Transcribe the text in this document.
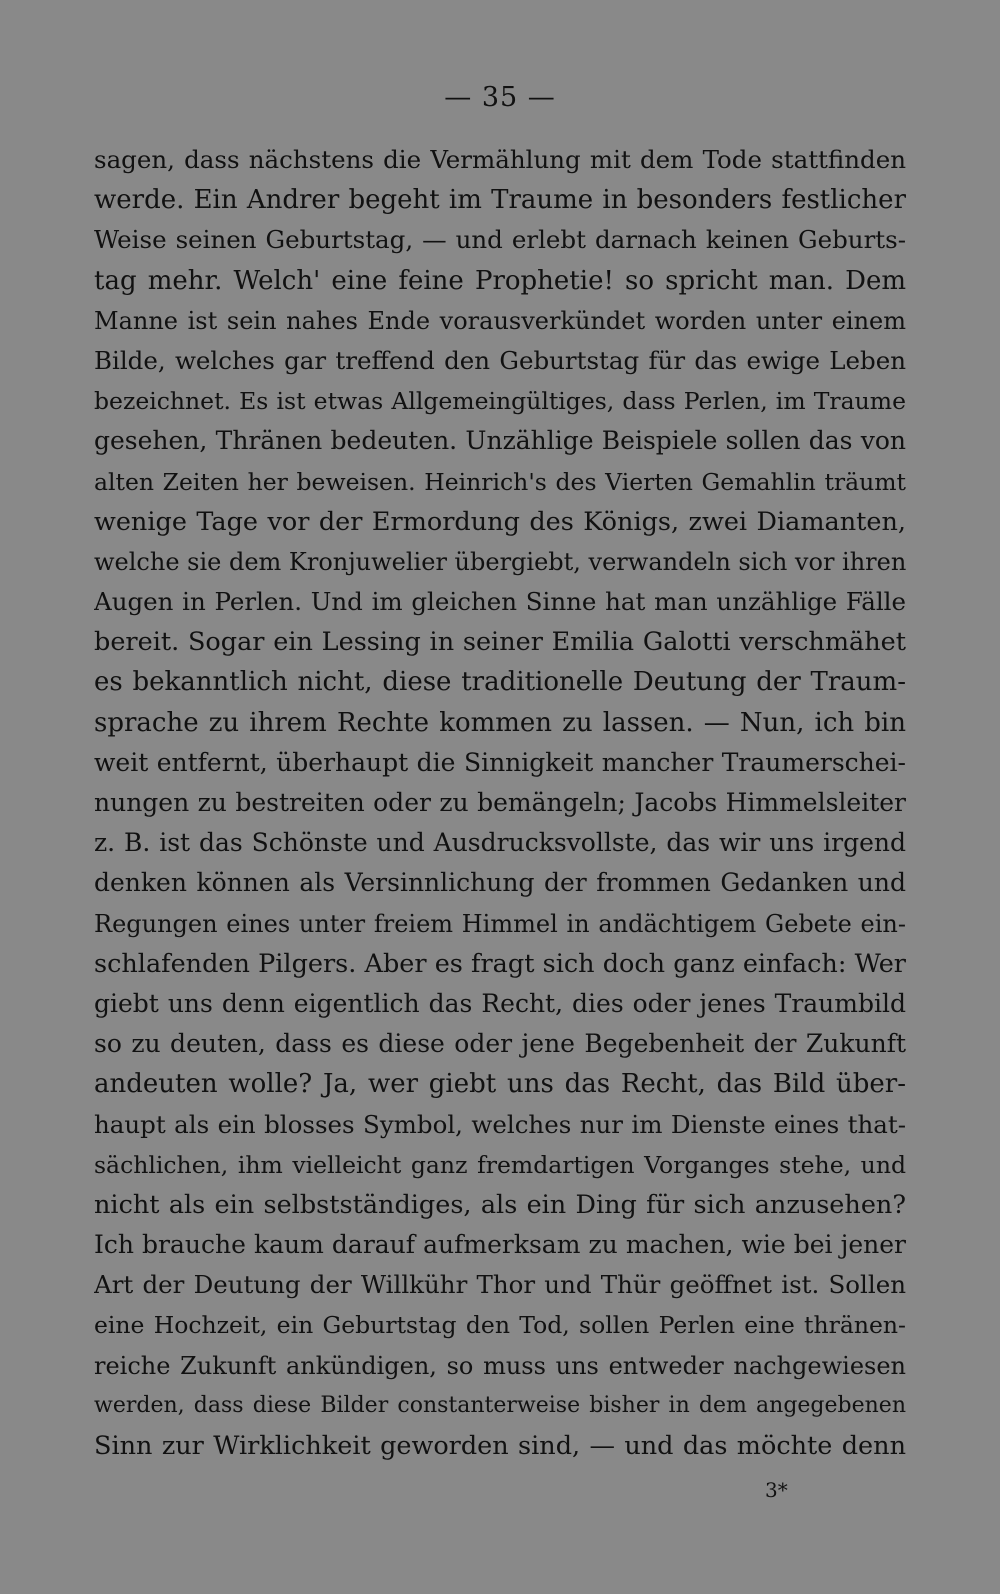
— 35 —
sagen, dass nächstens die Vermählung mit dem Tode stattfinden
werde. Ein Andrer begeht im Traume in besonders festlicher
Weise seinen Geburtstag, — und erlebt darnach keinen Geburts-
tag mehr. Welch' eine feine Prophetie! so spricht man. Dem
Manne ist sein nahes Ende vorausverkündet worden unter einem
Bilde, welches gar treffend den Geburtstag für das ewige Leben
bezeichnet. Es ist etwas Allgemeingültiges, dass Perlen, im Traume
gesehen, Thränen bedeuten. Unzählige Beispiele sollen das von
alten Zeiten her beweisen. Heinrich's des Vierten Gemahlin träumt
wenige Tage vor der Ermordung des Königs, zwei Diamanten,
welche sie dem Kronjuwelier übergiebt, verwandeln sich vor ihren
Augen in Perlen. Und im gleichen Sinne hat man unzählige Fälle
bereit. Sogar ein Lessing in seiner Emilia Galotti verschmähet
es bekanntlich nicht, diese traditionelle Deutung der Traum-
sprache zu ihrem Rechte kommen zu lassen. — Nun, ich bin
weit entfernt, überhaupt die Sinnigkeit mancher Traumerschei-
nungen zu bestreiten oder zu bemängeln; Jacobs Himmelsleiter
z. B. ist das Schönste und Ausdrucksvollste, das wir uns irgend
denken können als Versinnlichung der frommen Gedanken und
Regungen eines unter freiem Himmel in andächtigem Gebete ein-
schlafenden Pilgers. Aber es fragt sich doch ganz einfach: Wer
giebt uns denn eigentlich das Recht, dies oder jenes Traumbild
so zu deuten, dass es diese oder jene Begebenheit der Zukunft
andeuten wolle? Ja, wer giebt uns das Recht, das Bild über-
haupt als ein blosses Symbol, welches nur im Dienste eines that-
sächlichen, ihm vielleicht ganz fremdartigen Vorganges stehe, und
nicht als ein selbstständiges, als ein Ding für sich anzusehen?
Ich brauche kaum darauf aufmerksam zu machen, wie bei jener
Art der Deutung der Willkühr Thor und Thür geöffnet ist. Sollen
eine Hochzeit, ein Geburtstag den Tod, sollen Perlen eine thränen-
reiche Zukunft ankündigen, so muss uns entweder nachgewiesen
werden, dass diese Bilder constanterweise bisher in dem angegebenen
Sinn zur Wirklichkeit geworden sind, — und das möchte denn
3*
